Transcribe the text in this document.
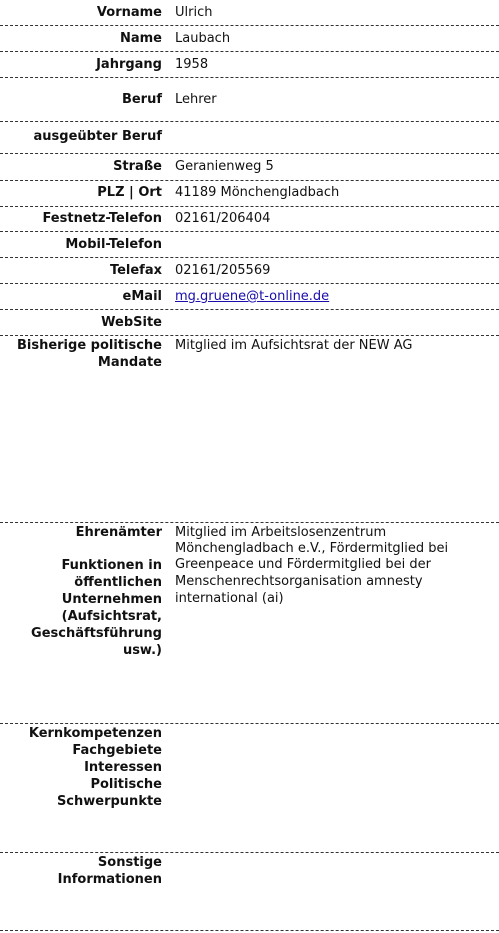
Vorname Ulrich
Name Laubach
Jahrgang 1958
Beruf Lehrer
ausgeübter Beruf
Straße Geranienweg 5
PLZ | Ort 41189 Mönchengladbach
Festnetz-Telefon 02161/206404
Mobil-Telefon
Telefax 02161/205569
eMail mg.gruene@t-online.de
WebSite
Bisherige politische
Mandate
Mitglied im Aufsichtsrat der NEW AG
Ehrenämter Mitglied im Arbeitslosenzentrum
Mönchengladbach e.V., Fördermitglied bei
Greenpeace und Fördermitglied bei der
Menschenrechtsorganisation amnesty
international (ai)
Funktionen in
öffentlichen
Unternehmen
(Aufsichtsrat,
Geschäftsführung
usw.)
Kernkompetenzen
Fachgebiete
Interessen
Politische
Schwerpunkte
Sonstige
Informationen
